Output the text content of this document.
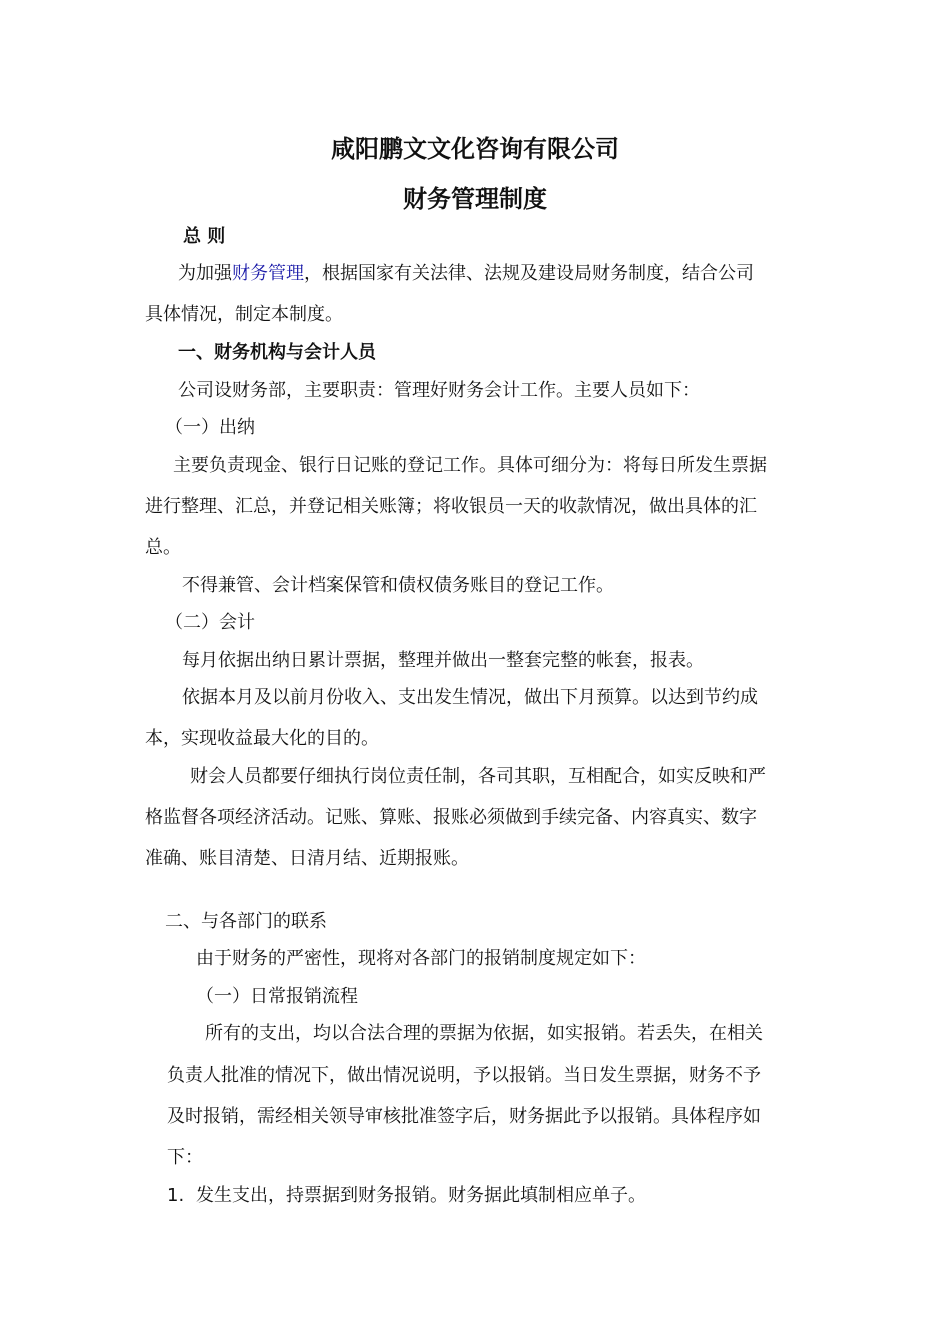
咸阳鹏文文化咨询有限公司
财务管理制度
总 则
为加强财务管理，根据国家有关法律、法规及建设局财务制度，结合公司
具体情况，制定本制度。
一、财务机构与会计人员
公司设财务部，主要职责：管理好财务会计工作。主要人员如下：
（一）出纳
主要负责现金、银行日记账的登记工作。具体可细分为：将每日所发生票据
进行整理、汇总，并登记相关账簿；将收银员一天的收款情况，做出具体的汇
总。
不得兼管、会计档案保管和债权债务账目的登记工作。
（二）会计
每月依据出纳日累计票据，整理并做出一整套完整的帐套，报表。
依据本月及以前月份收入、支出发生情况，做出下月预算。以达到节约成
本，实现收益最大化的目的。
财会人员都要仔细执行岗位责任制，各司其职，互相配合，如实反映和严
格监督各项经济活动。记账、算账、报账必须做到手续完备、内容真实、数字
准确、账目清楚、日清月结、近期报账。
二、与各部门的联系
由于财务的严密性，现将对各部门的报销制度规定如下：
（一）日常报销流程
所有的支出，均以合法合理的票据为依据，如实报销。若丢失，在相关
负责人批准的情况下，做出情况说明，予以报销。当日发生票据，财务不予
及时报销，需经相关领导审核批准签字后，财务据此予以报销。具体程序如
下：
1. 发生支出，持票据到财务报销。财务据此填制相应单子。
